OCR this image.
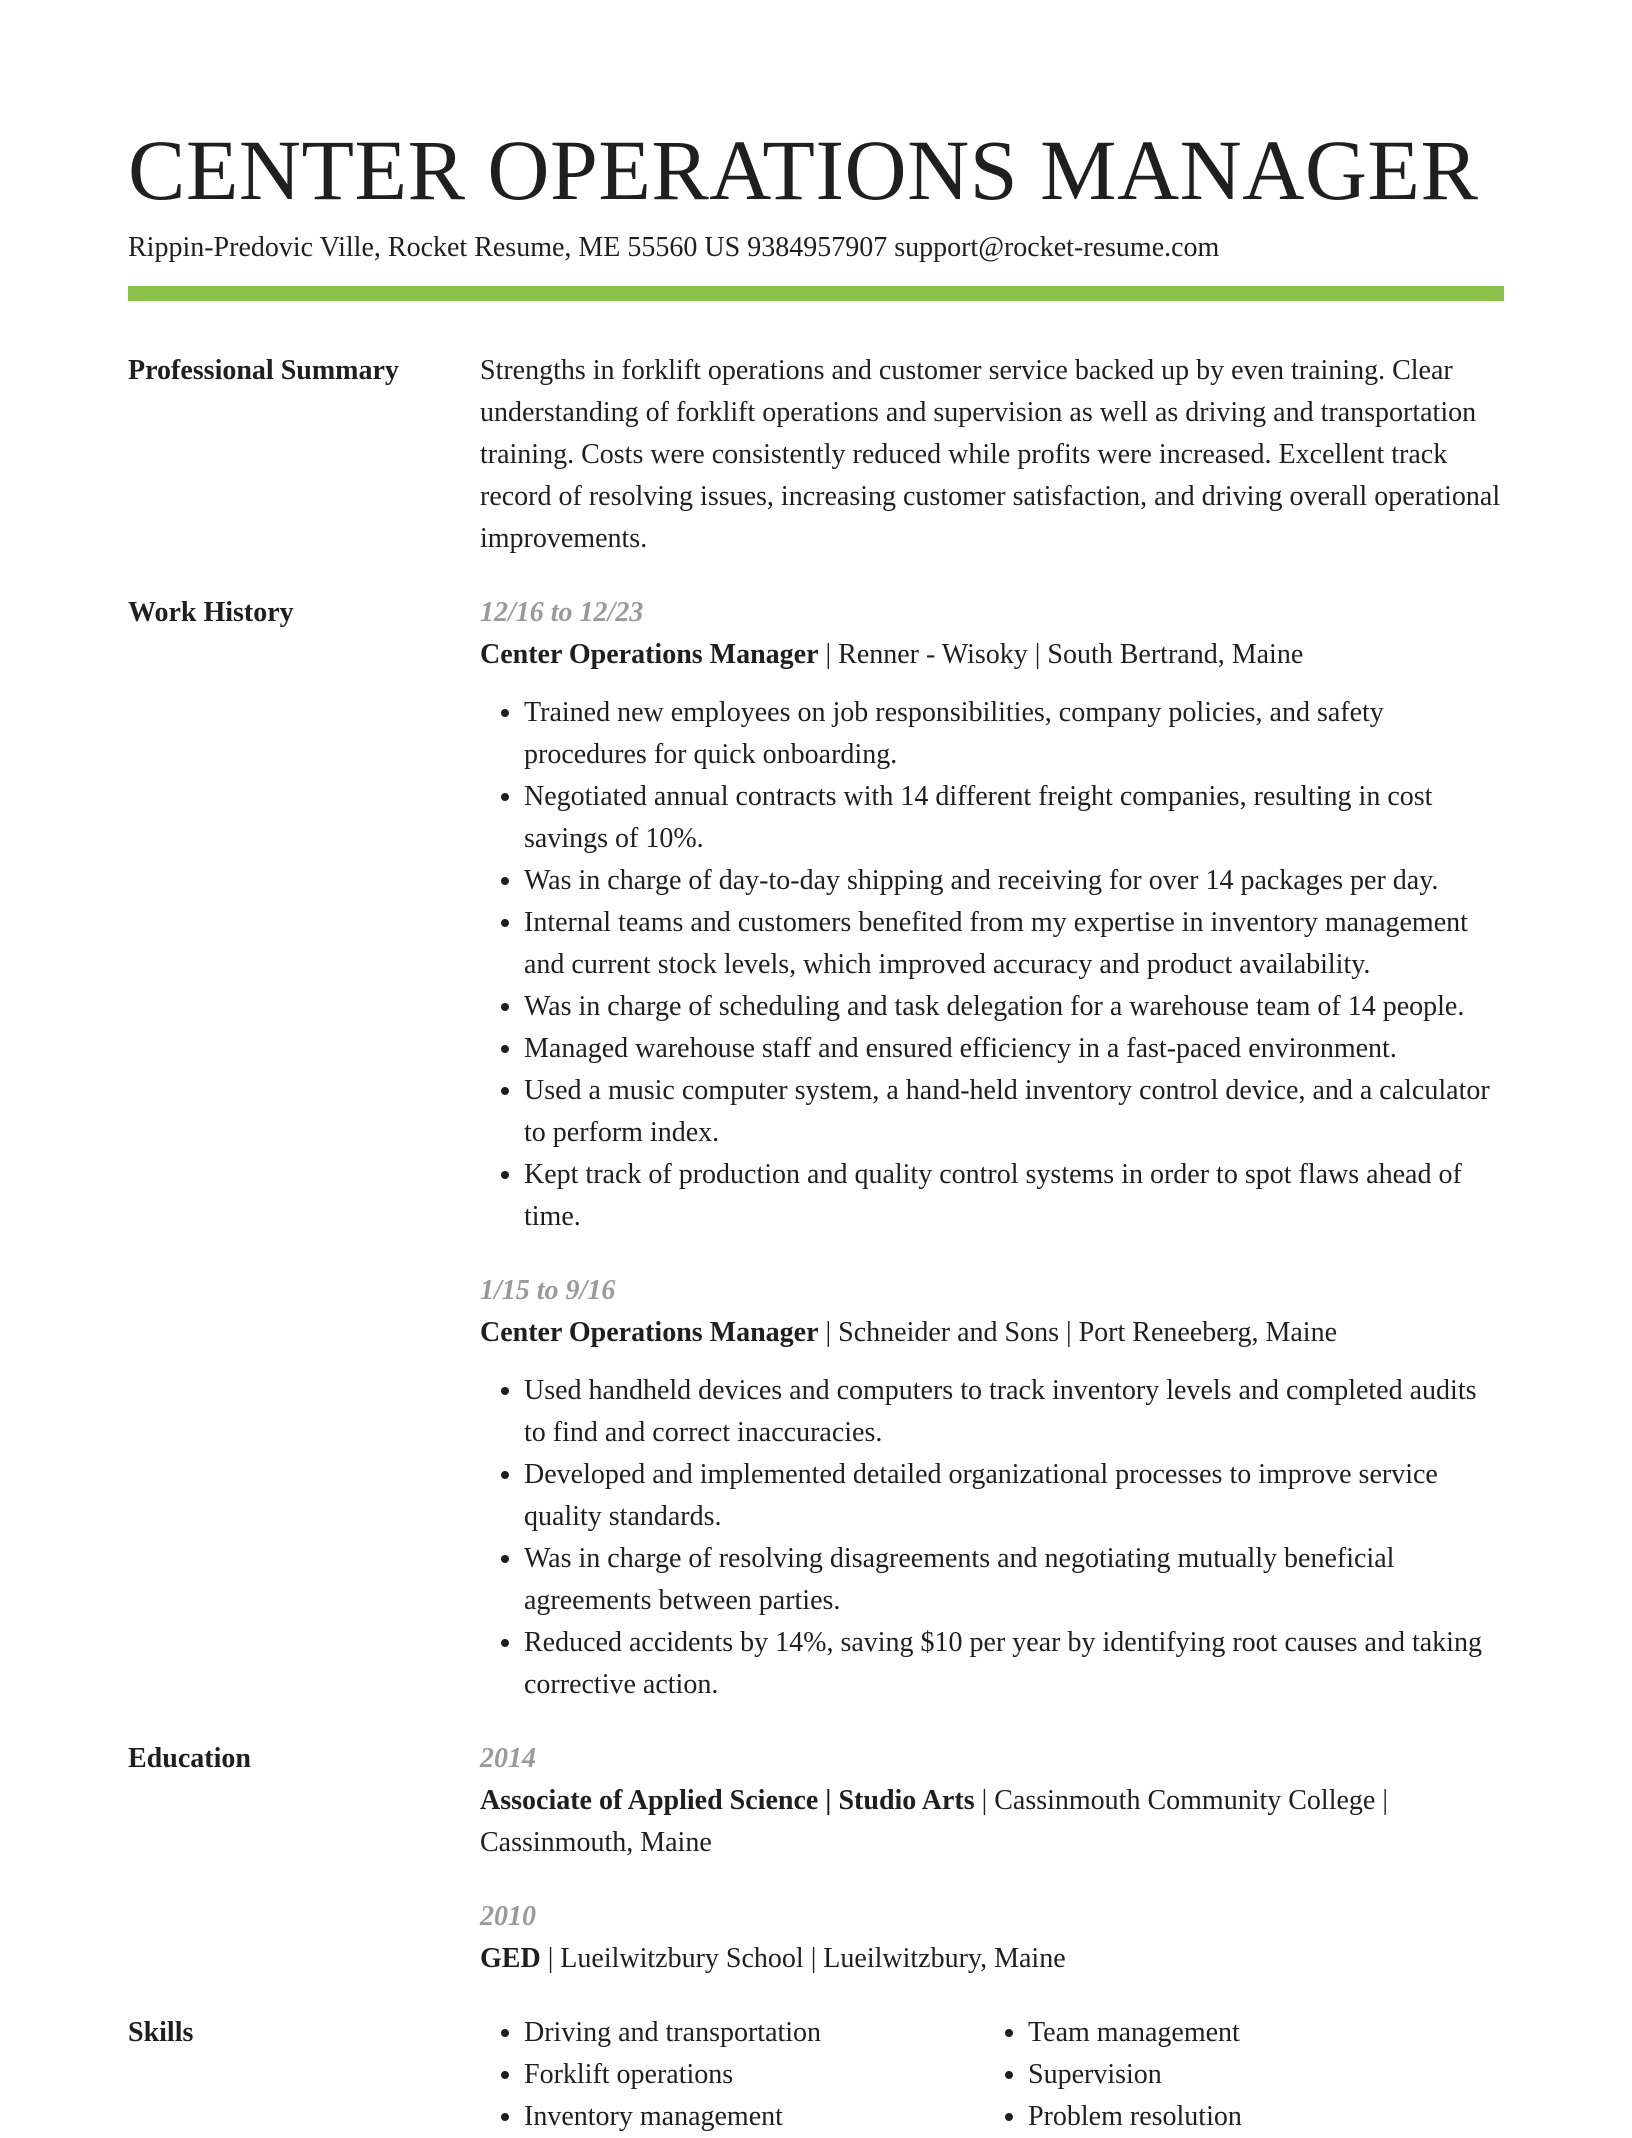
CENTER OPERATIONS MANAGER
Rippin-Predovic Ville, Rocket Resume, ME 55560 US 9384957907 support@rocket-resume.com
Professional Summary	Strengths in forklift operations and customer service backed up by even training. Clear understanding of forklift operations and supervision as well as driving and transportation training. Costs were consistently reduced while profits were increased. Excellent track record of resolving issues, increasing customer satisfaction, and driving overall operational improvements.

Work History	12/16 to 12/23

Center Operations Manager | Renner - Wisoky | South Bertrand, Maine

• Trained new employees on job responsibilities, company policies, and safety procedures for quick onboarding.
• Negotiated annual contracts with 14 different freight companies, resulting in cost savings of 10%.
• Was in charge of day-to-day shipping and receiving for over 14 packages per day.
• Internal teams and customers benefited from my expertise in inventory management and current stock levels, which improved accuracy and product availability.
• Was in charge of scheduling and task delegation for a warehouse team of 14 people.
• Managed warehouse staff and ensured efficiency in a fast-paced environment.
• Used a music computer system, a hand-held inventory control device, and a calculator to perform index.
• Kept track of production and quality control systems in order to spot flaws ahead of time.

1/15 to 9/16

Center Operations Manager | Schneider and Sons | Port Reneeberg, Maine

• Used handheld devices and computers to track inventory levels and completed audits to find and correct inaccuracies.
• Developed and implemented detailed organizational processes to improve service quality standards.
• Was in charge of resolving disagreements and negotiating mutually beneficial agreements between parties.
• Reduced accidents by 14%, saving $10 per year by identifying root causes and taking corrective action.
Education	2014

Associate of Applied Science | Studio Arts | Cassinmouth Community College | Cassinmouth, Maine

2010

GED | Lueilwitzbury School | Lueilwitzbury, Maine

Skills
•	Driving and transportation
• Forklift operations
• Inventory management
• Team management
• Supervision
• Problem resolution
